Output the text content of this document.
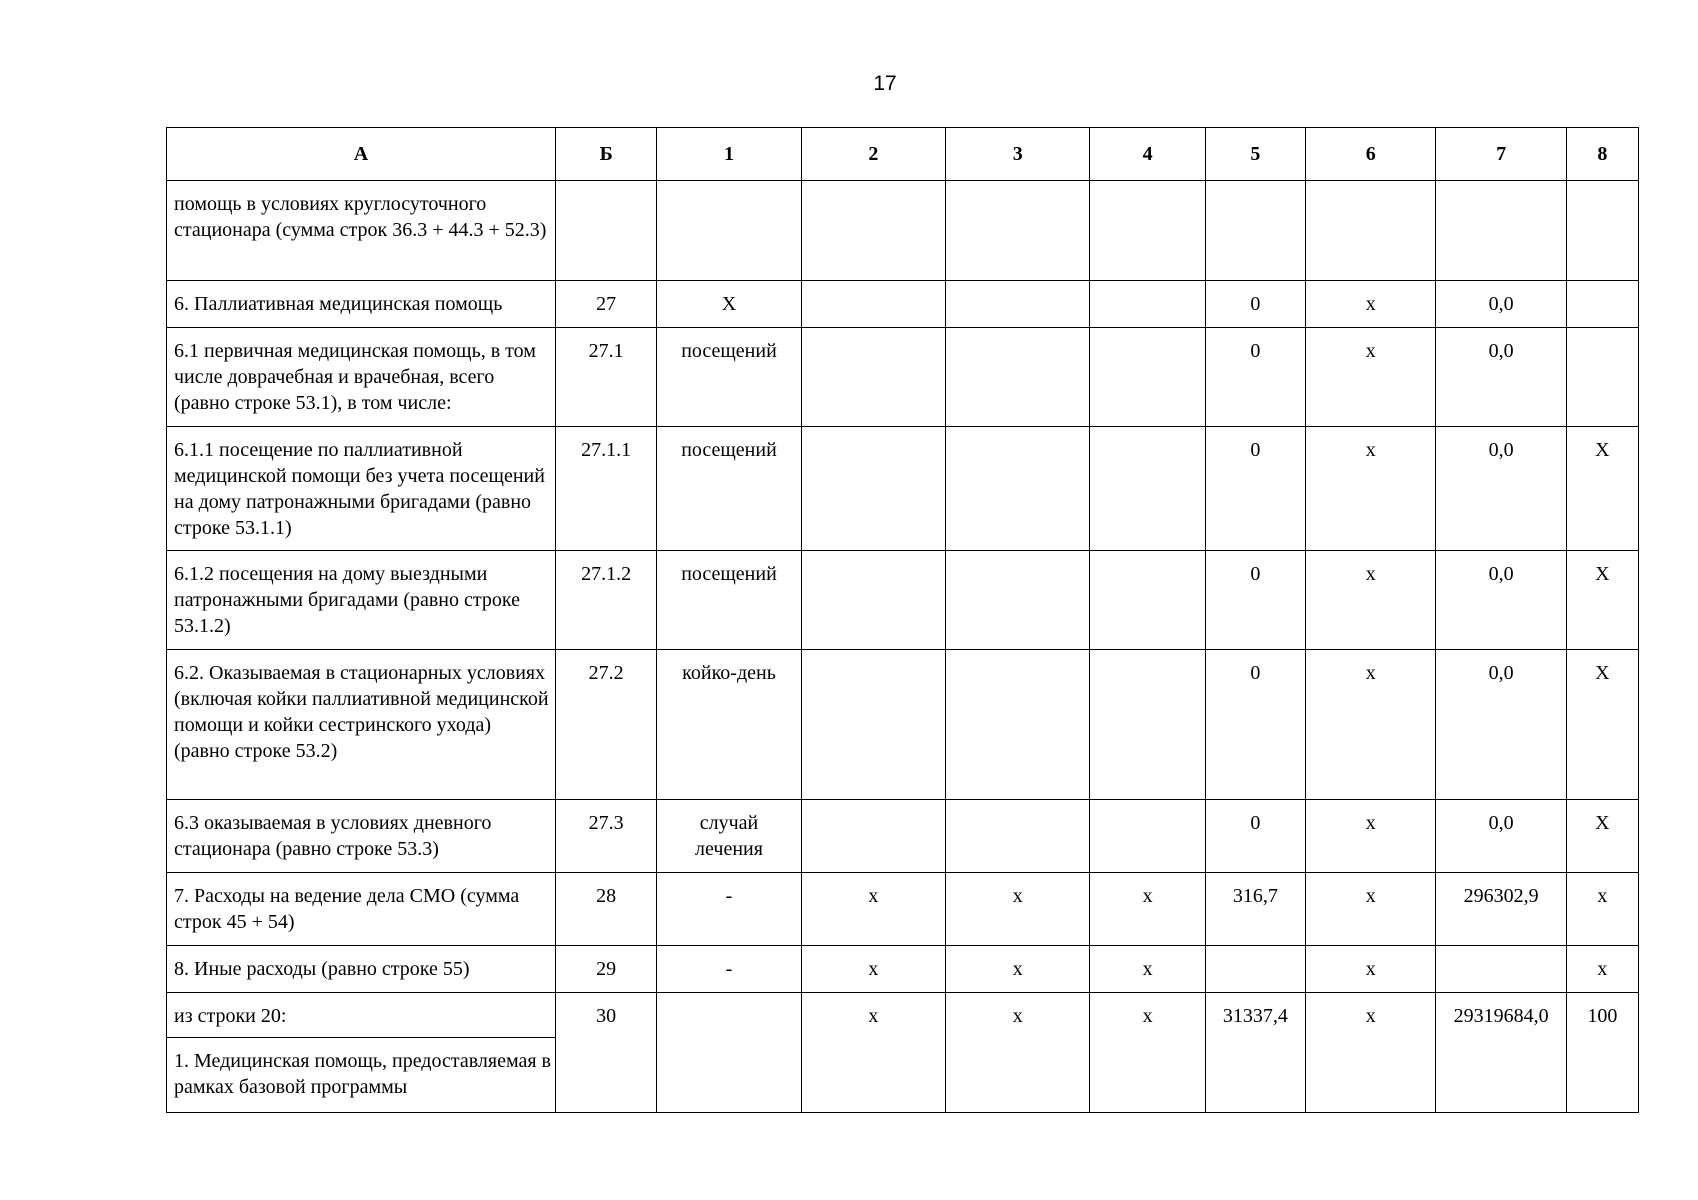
17
А	Б	1	2	3	4	5	6	7	8
помощь в условиях круглосуточного стационара (сумма строк 36.3 + 44.3 + 52.3)									
6. Паллиативная медицинская помощь	27	Х				0	х	0,0	
6.1 первичная медицинская помощь, в том числе доврачебная и врачебная, всего (равно строке 53.1), в том числе:	27.1	посещений				0	х	0,0	
6.1.1 посещение по паллиативной медицинской помощи без учета посещений на дому патронажными бригадами (равно строке 53.1.1)	27.1.1	посещений				0	х	0,0	Х
6.1.2 посещения на дому выездными патронажными бригадами (равно строке 53.1.2)	27.1.2	посещений				0	х	0,0	Х
6.2. Оказываемая в стационарных условиях (включая койки паллиативной медицинской помощи и койки сестринского ухода) (равно строке 53.2)	27.2	койко-день				0	х	0,0	Х
6.3 оказываемая в условиях дневного стационара (равно строке 53.3)	27.3	случай лечения				0	х	0,0	Х
7. Расходы на ведение дела СМО (сумма строк 45 + 54)	28	-	х	х	х	316,7	х	296302,9	х
8. Иные расходы (равно строке 55)	29	-	х	х	х		х		х

из строки 20:
1. Медицинская помощь, предоставляемая в рамках базовой программы	30		х	х	х	31337,4	х	29319684,0	100
